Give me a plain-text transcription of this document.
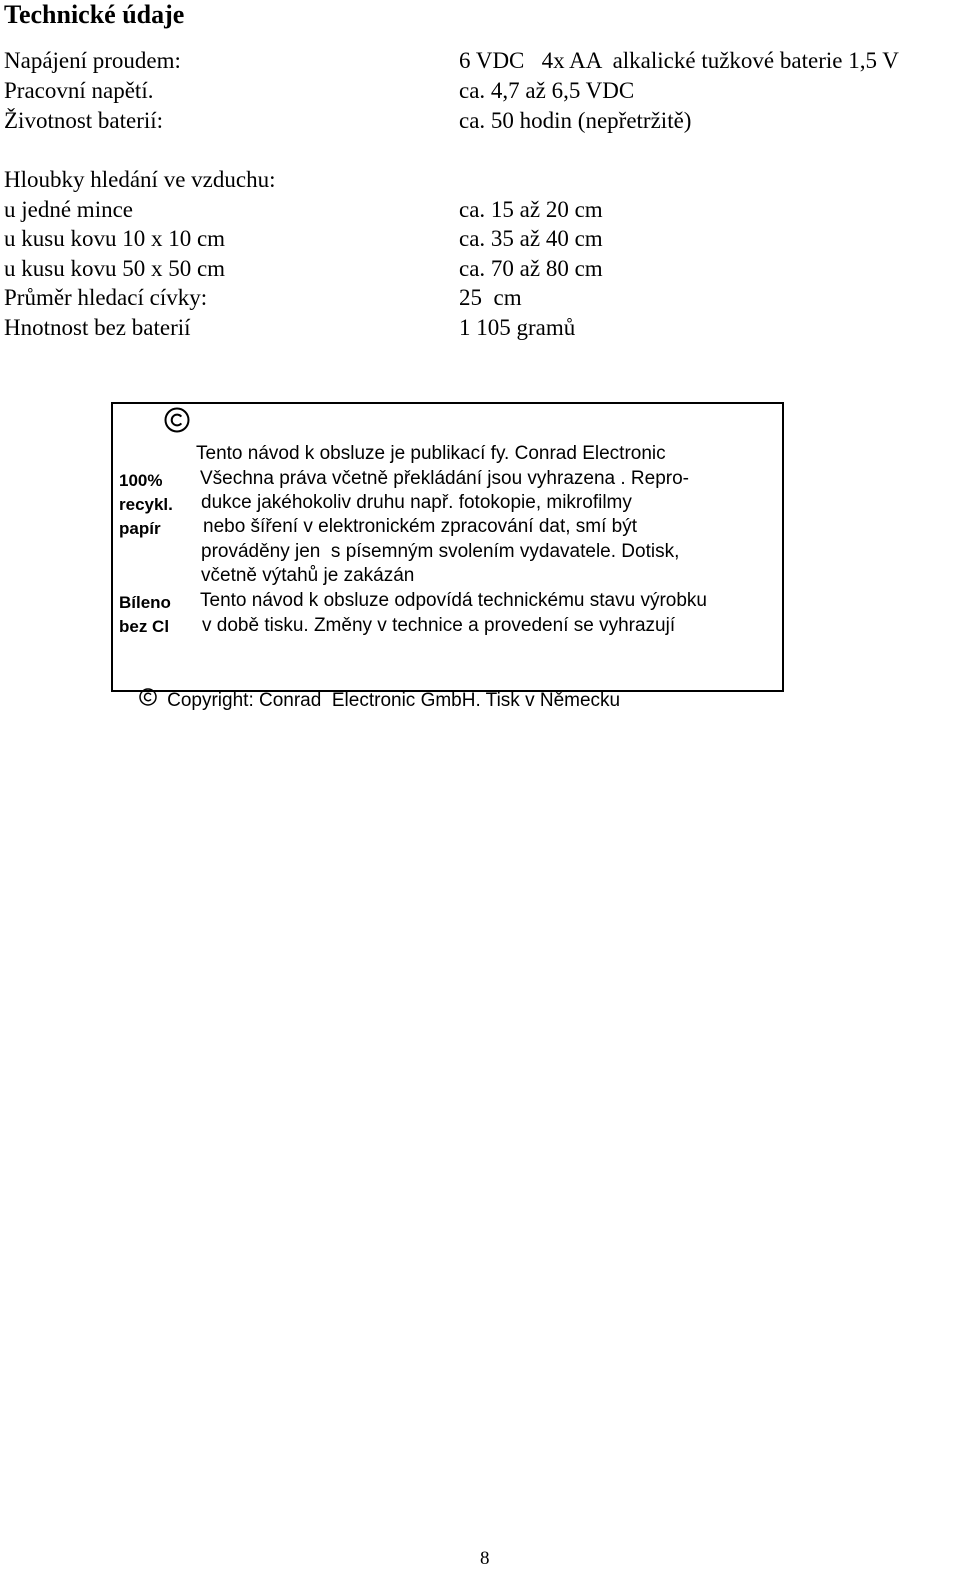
Technické údaje
Napájení proudem:	6 VDC   4x AA  alkalické tužkové baterie 1,5 V
Pracovní napětí.	ca. 4,7 až 6,5 VDC
Životnost baterií:	ca. 50 hodin (nepřetržitě)
Hloubky hledání ve vzduchu:
u jedné mince	ca. 15 až 20 cm
u kusu kovu 10 x 10 cm	ca. 35 až 40 cm
u kusu kovu 50 x 50 cm	ca. 70 až 80 cm
Průměr hledací cívky:	25  cm
Hnotnost bez baterií	1 105 gramů
100%
recykl.
papír
Bíleno
bez Cl
Tento návod k obsluze je publikací fy. Conrad Electronic
Všechna práva včetně překládání jsou vyhrazena . Repro-
dukce jakéhokoliv druhu např. fotokopie, mikrofilmy
nebo šíření v elektronickém zpracování dat, smí být
prováděny jen  s písemným svolením vydavatele. Dotisk,
včetně výtahů je zakázán
Tento návod k obsluze odpovídá technickému stavu výrobku
v době tisku. Změny v technice a provedení se vyhrazují

Copyright: Conrad  Electronic GmbH. Tisk v Německu
8
